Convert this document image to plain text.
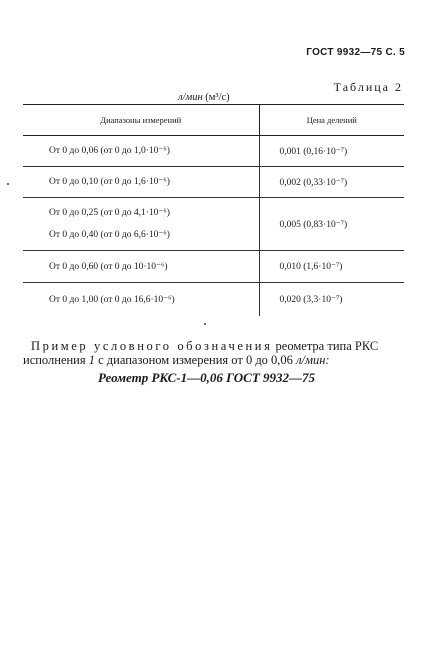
ГОСТ 9932—75 С. 5
Таблица 2
л/мин (м³/с)
Диапазоны измерений	Цена делений

От 0 до 0,06 (от 0 до 1,0·10⁻⁶)	0,001 (0,16·10⁻⁷)

От 0 до 0,10 (от 0 до 1,6·10⁻⁶)	0,002 (0,33·10⁻⁷)

От 0 до 0,25 (от 0 до 4,1·10⁻⁶)
От 0 до 0,40 (от 0 до 6,6·10⁻⁶)	0,005 (0,83·10⁻⁷)

От 0 до 0,60 (от 0 до 10·10⁻⁶)	0,010 (1,6·10⁻⁷)

От 0 до 1,00 (от 0 до 16,6·10⁻⁶)	0,020 (3,3·10⁻⁷)
Пример условного обозначения реометра типа РКС исполнения 1 с диапазоном измерения от 0 до 0,06 л/мин:
Реометр РКС-1—0,06 ГОСТ 9932—75
